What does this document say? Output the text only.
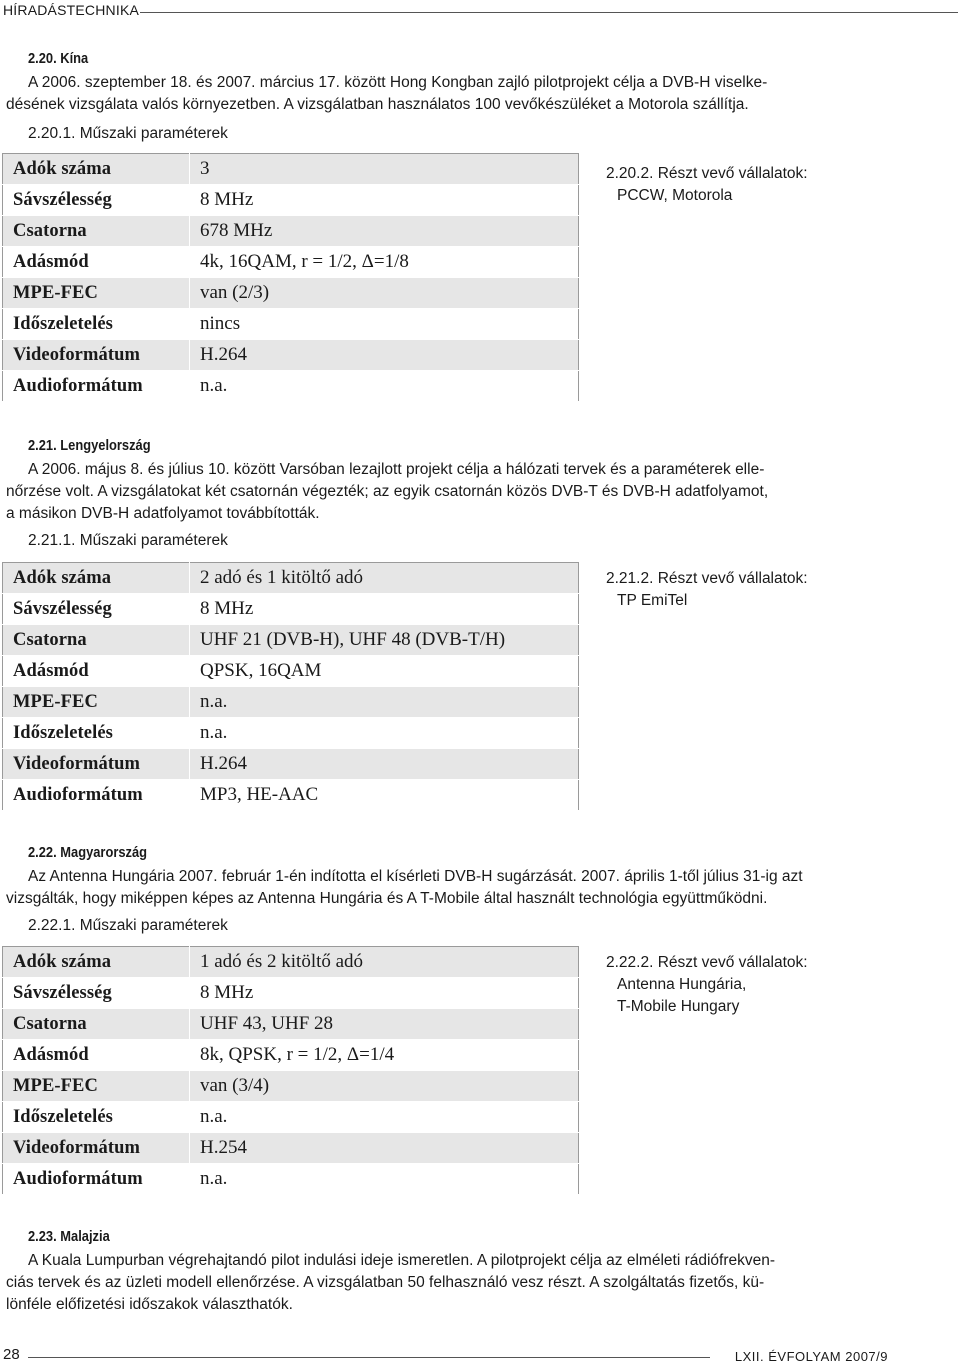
HÍRADÁSTECHNIKA
2.20. Kína
A 2006. szeptember 18. és 2007. március 17. között Hong Kongban zajló pilotprojekt célja a DVB-H viselke-
désének vizsgálata valós környezetben. A vizsgálatban használatos 100 vevőkészüléket a Motorola szállítja.
2.20.1. Műszaki paraméterek
Adók száma	3
Sávszélesség	8 MHz
Csatorna	678 MHz
Adásmód	4k, 16QAM, r = 1/2, Δ=1/8
MPE-FEC	van (2/3)
Időszeletelés	nincs
Videoformátum	H.264
Audioformátum	n.a.
2.20.2. Részt vevő vállalatok:
PCCW, Motorola
2.21. Lengyelország
A 2006. május 8. és július 10. között Varsóban lezajlott projekt célja a hálózati tervek és a paraméterek elle-
nőrzése volt. A vizsgálatokat két csatornán végezték; az egyik csatornán közös DVB-T és DVB-H adatfolyamot,
a másikon DVB-H adatfolyamot továbbították.
2.21.1. Műszaki paraméterek
Adók száma	2 adó és 1 kitöltő adó
Sávszélesség	8 MHz
Csatorna	UHF 21 (DVB-H), UHF 48 (DVB-T/H)
Adásmód	QPSK, 16QAM
MPE-FEC	n.a.
Időszeletelés	n.a.
Videoformátum	H.264
Audioformátum	MP3, HE-AAC
2.21.2. Részt vevő vállalatok:
TP EmiTel
2.22. Magyarország
Az Antenna Hungária 2007. február 1-én indította el kísérleti DVB-H sugárzását. 2007. április 1-től július 31-ig azt
vizsgálták, hogy miképpen képes az Antenna Hungária és A T-Mobile által használt technológia együttműködni.
2.22.1. Műszaki paraméterek
Adók száma	1 adó és 2 kitöltő adó
Sávszélesség	8 MHz
Csatorna	UHF 43, UHF 28
Adásmód	8k, QPSK, r = 1/2, Δ=1/4
MPE-FEC	van (3/4)
Időszeletelés	n.a.
Videoformátum	H.254
Audioformátum	n.a.
2.22.2. Részt vevő vállalatok:
Antenna Hungária,
T-Mobile Hungary
2.23. Malajzia
A Kuala Lumpurban végrehajtandó pilot indulási ideje ismeretlen. A pilotprojekt célja az elméleti rádiófrekven-
ciás tervek és az üzleti modell ellenőrzése. A vizsgálatban 50 felhasználó vesz részt. A szolgáltatás fizetős, kü-
lönféle előfizetési időszakok választhatók.
28	LXII. ÉVFOLYAM 2007/9
